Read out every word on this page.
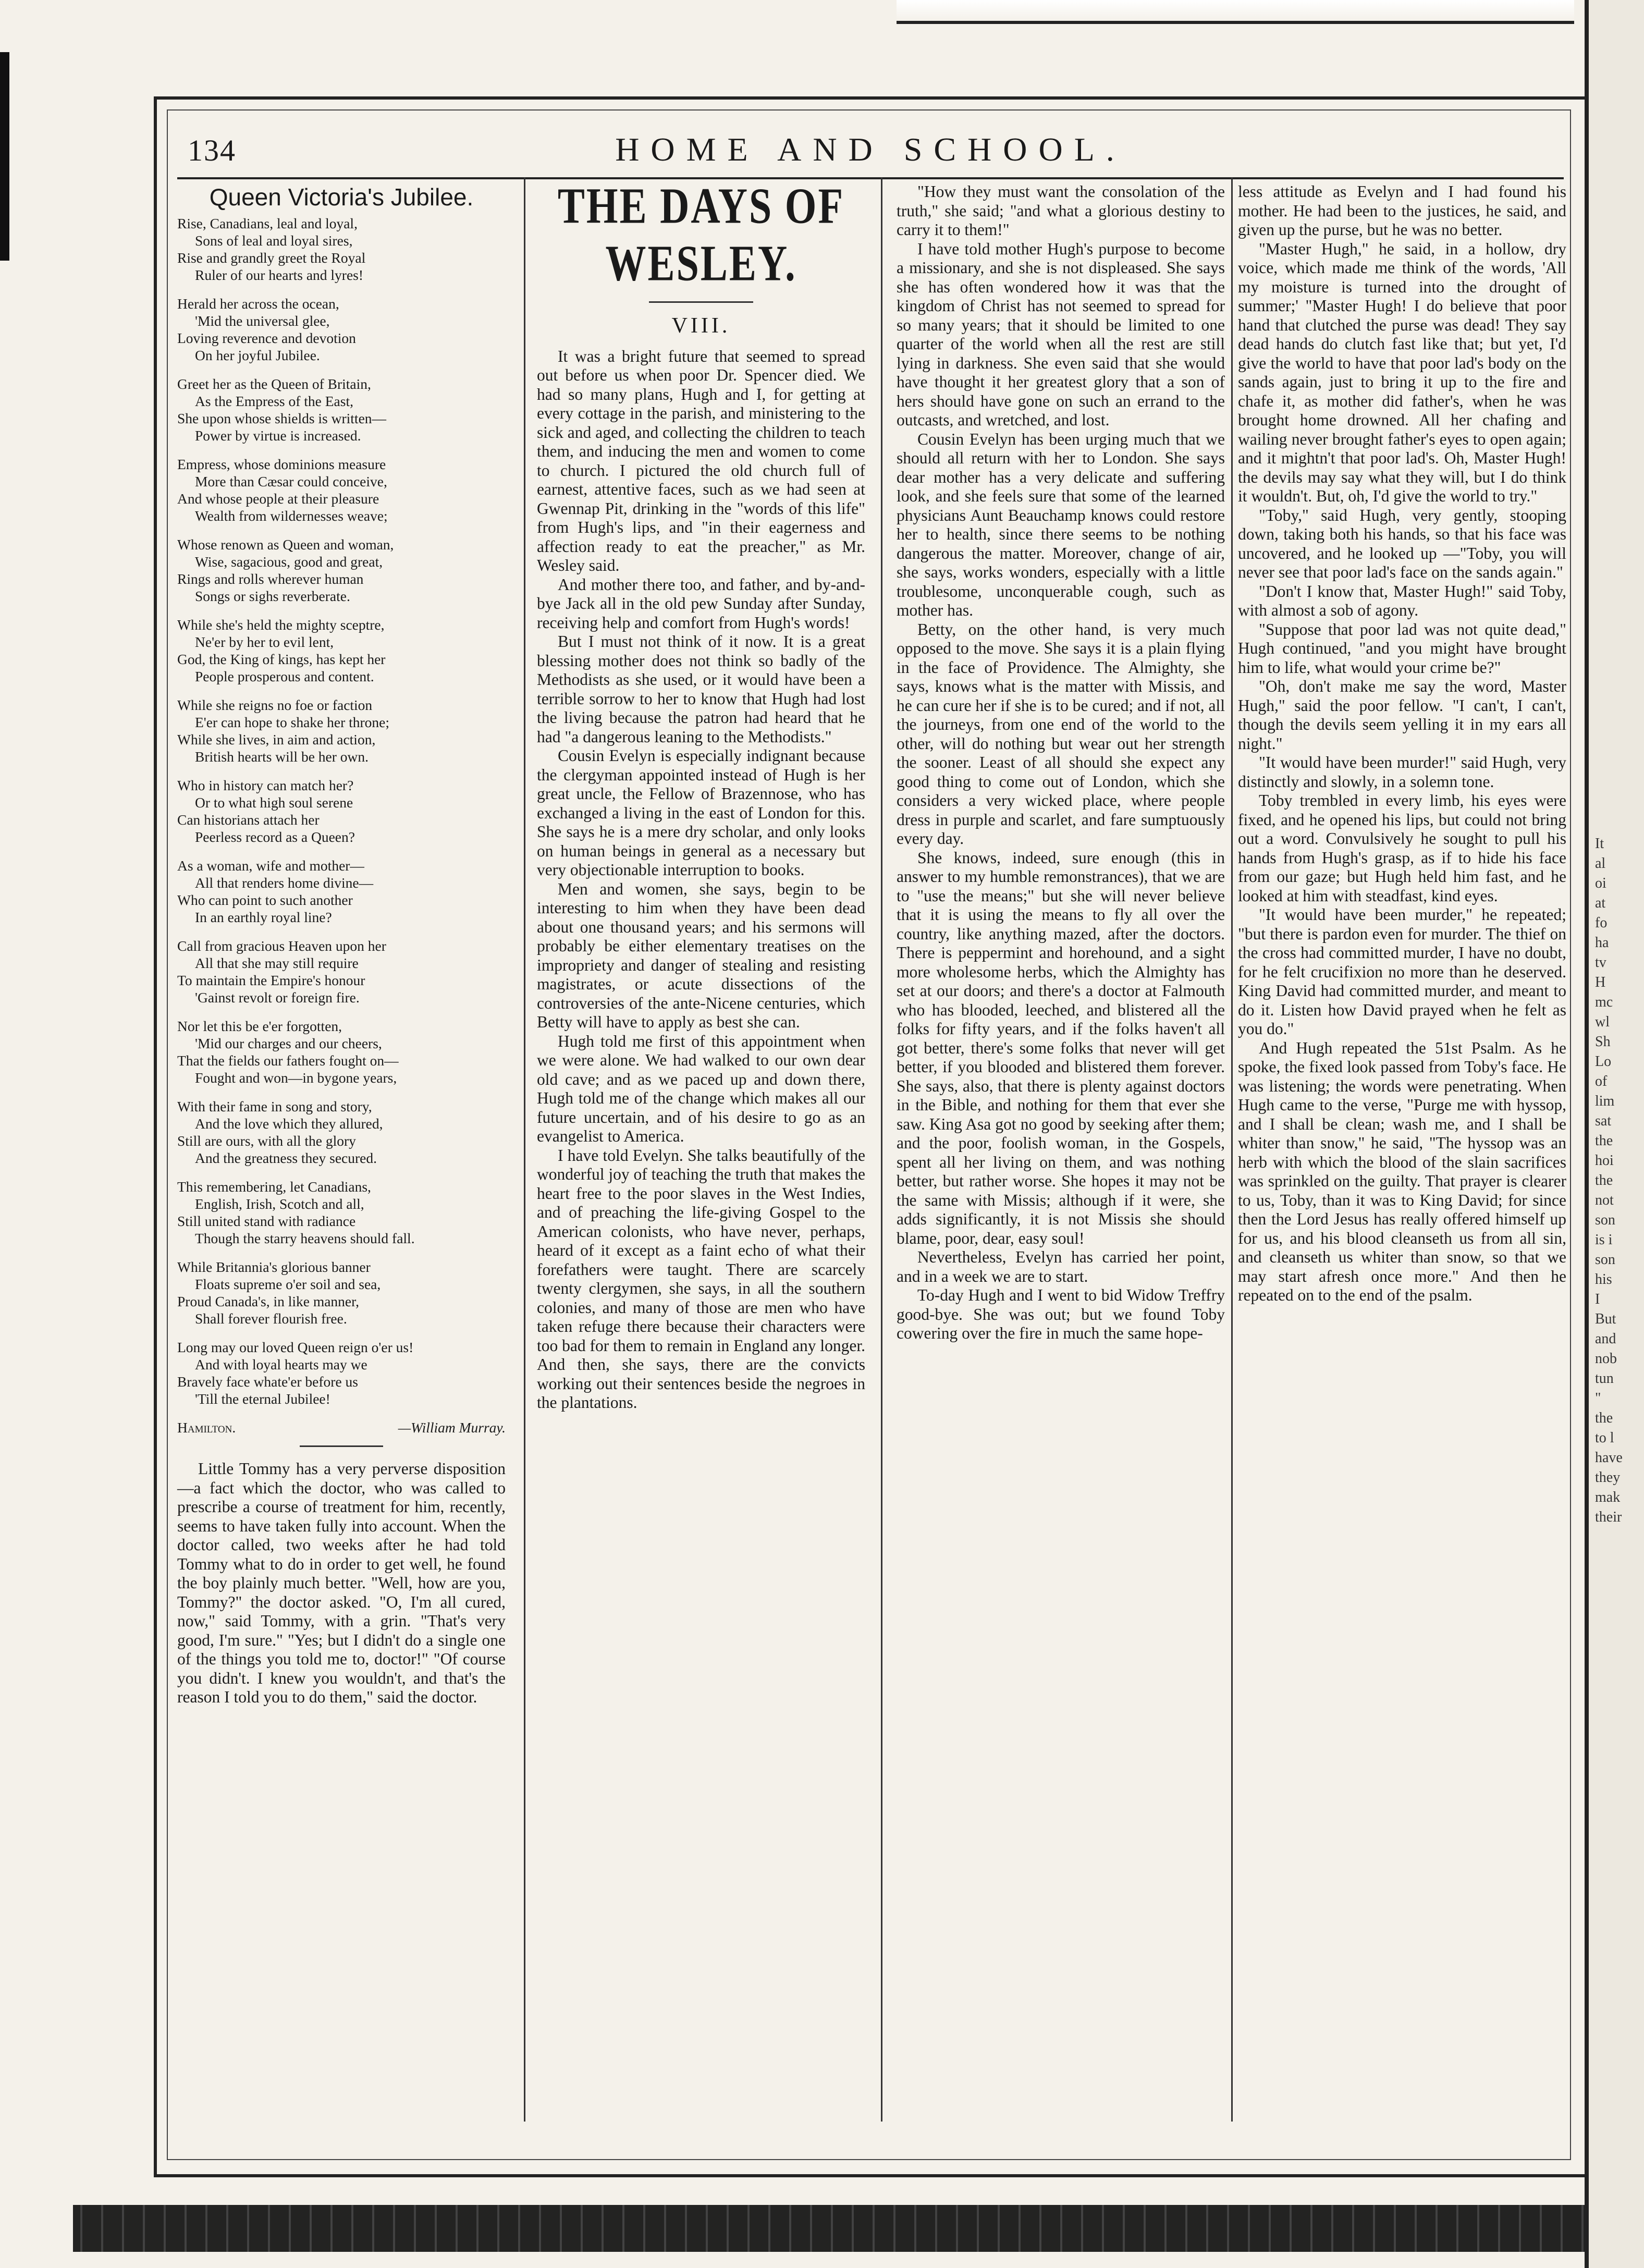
134	HOME AND SCHOOL.
Queen Victoria's Jubilee.
Rise, Canadians, leal and loyal,
Sons of leal and loyal sires,
Rise and grandly greet the Royal
Ruler of our hearts and lyres!
Herald her across the ocean,
'Mid the universal glee,
Loving reverence and devotion
On her joyful Jubilee.
Greet her as the Queen of Britain,
As the Empress of the East,
She upon whose shields is written—
Power by virtue is increased.
Empress, whose dominions measure
More than Cæsar could conceive,
And whose people at their pleasure
Wealth from wildernesses weave;
Whose renown as Queen and woman,
Wise, sagacious, good and great,
Rings and rolls wherever human
Songs or sighs reverberate.
While she's held the mighty sceptre,
Ne'er by her to evil lent,
God, the King of kings, has kept her
People prosperous and content.
While she reigns no foe or faction
E'er can hope to shake her throne;
While she lives, in aim and action,
British hearts will be her own.
Who in history can match her?
Or to what high soul serene
Can historians attach her
Peerless record as a Queen?
As a woman, wife and mother—
All that renders home divine—
Who can point to such another
In an earthly royal line?
Call from gracious Heaven upon her
All that she may still require
To maintain the Empire's honour
'Gainst revolt or foreign fire.
Nor let this be e'er forgotten,
'Mid our charges and our cheers,
That the fields our fathers fought on—
Fought and won—in bygone years,
With their fame in song and story,
And the love which they allured,
Still are ours, with all the glory
And the greatness they secured.
This remembering, let Canadians,
English, Irish, Scotch and all,
Still united stand with radiance
Though the starry heavens should fall.
While Britannia's glorious banner
Floats supreme o'er soil and sea,
Proud Canada's, in like manner,
Shall forever flourish free.
Long may our loved Queen reign o'er us!
And with loyal hearts may we
Bravely face whate'er before us
'Till the eternal Jubilee!
Hamilton.	—William Murray.

Little Tommy has a very perverse disposition—a fact which the doctor, who was called to prescribe a course of treatment for him, recently, seems to have taken fully into account. When the doctor called, two weeks after he had told Tommy what to do in order to get well, he found the boy plainly much better. "Well, how are you, Tommy?" the doctor asked. "O, I'm all cured, now," said Tommy, with a grin. "That's very good, I'm sure." "Yes; but I didn't do a single one of the things you told me to, doctor!" "Of course you didn't. I knew you wouldn't, and that's the reason I told you to do them," said the doctor.

THE DAYS OF WESLEY.
VIII.

It was a bright future that seemed to spread out before us when poor Dr. Spencer died. We had so many plans, Hugh and I, for getting at every cottage in the parish, and ministering to the sick and aged, and collecting the children to teach them, and inducing the men and women to come to church. I pictured the old church full of earnest, attentive faces, such as we had seen at Gwennap Pit, drinking in the "words of this life" from Hugh's lips, and "in their eagerness and affection ready to eat the preacher," as Mr. Wesley said.

And mother there too, and father, and by-and-bye Jack all in the old pew Sunday after Sunday, receiving help and comfort from Hugh's words!

But I must not think of it now. It is a great blessing mother does not think so badly of the Methodists as she used, or it would have been a terrible sorrow to her to know that Hugh had lost the living because the patron had heard that he had "a dangerous leaning to the Methodists."

Cousin Evelyn is especially indignant because the clergyman appointed instead of Hugh is her great uncle, the Fellow of Brazennose, who has exchanged a living in the east of London for this. She says he is a mere dry scholar, and only looks on human beings in general as a necessary but very objectionable interruption to books.

Men and women, she says, begin to be interesting to him when they have been dead about one thousand years; and his sermons will probably be either elementary treatises on the impropriety and danger of stealing and resisting magistrates, or acute dissections of the controversies of the ante-Nicene centuries, which Betty will have to apply as best she can.

Hugh told me first of this appointment when we were alone. We had walked to our own dear old cave; and as we paced up and down there, Hugh told me of the change which makes all our future uncertain, and of his desire to go as an evangelist to America.

I have told Evelyn. She talks beautifully of the wonderful joy of teaching the truth that makes the heart free to the poor slaves in the West Indies, and of preaching the life-giving Gospel to the American colonists, who have never, perhaps, heard of it except as a faint echo of what their forefathers were taught. There are scarcely twenty clergymen, she says, in all the southern colonies, and many of those are men who have taken refuge there because their characters were too bad for them to remain in England any longer. And then, she says, there are the convicts working out their sentences beside the negroes in the plantations.

"How they must want the consolation of the truth," she said; "and what a glorious destiny to carry it to them!"

I have told mother Hugh's purpose to become a missionary, and she is not displeased. She says she has often wondered how it was that the kingdom of Christ has not seemed to spread for so many years; that it should be limited to one quarter of the world when all the rest are still lying in darkness. She even said that she would have thought it her greatest glory that a son of hers should have gone on such an errand to the outcasts, and wretched, and lost.

Cousin Evelyn has been urging much that we should all return with her to London. She says dear mother has a very delicate and suffering look, and she feels sure that some of the learned physicians Aunt Beauchamp knows could restore her to health, since there seems to be nothing dangerous the matter. Moreover, change of air, she says, works wonders, especially with a little troublesome, unconquerable cough, such as mother has.

Betty, on the other hand, is very much opposed to the move. She says it is a plain flying in the face of Providence. The Almighty, she says, knows what is the matter with Missis, and he can cure her if she is to be cured; and if not, all the journeys, from one end of the world to the other, will do nothing but wear out her strength the sooner. Least of all should she expect any good thing to come out of London, which she considers a very wicked place, where people dress in purple and scarlet, and fare sumptuously every day.

She knows, indeed, sure enough (this in answer to my humble remonstrances), that we are to "use the means;" but she will never believe that it is using the means to fly all over the country, like anything mazed, after the doctors. There is peppermint and horehound, and a sight more wholesome herbs, which the Almighty has set at our doors; and there's a doctor at Falmouth who has blooded, leeched, and blistered all the folks for fifty years, and if the folks haven't all got better, there's some folks that never will get better, if you blooded and blistered them forever. She says, also, that there is plenty against doctors in the Bible, and nothing for them that ever she saw. King Asa got no good by seeking after them; and the poor, foolish woman, in the Gospels, spent all her living on them, and was nothing better, but rather worse. She hopes it may not be the same with Missis; although if it were, she adds significantly, it is not Missis she should blame, poor, dear, easy soul!

Nevertheless, Evelyn has carried her point, and in a week we are to start.

To-day Hugh and I went to bid Widow Treffry good-bye. She was out; but we found Toby cowering over the fire in much the same hope-

less attitude as Evelyn and I had found his mother. He had been to the justices, he said, and given up the purse, but he was no better.

"Master Hugh," he said, in a hollow, dry voice, which made me think of the words, 'All my moisture is turned into the drought of summer;' "Master Hugh! I do believe that poor hand that clutched the purse was dead! They say dead hands do clutch fast like that; but yet, I'd give the world to have that poor lad's body on the sands again, just to bring it up to the fire and chafe it, as mother did father's, when he was brought home drowned. All her chafing and wailing never brought father's eyes to open again; and it mightn't that poor lad's. Oh, Master Hugh! the devils may say what they will, but I do think it wouldn't. But, oh, I'd give the world to try."

"Toby," said Hugh, very gently, stooping down, taking both his hands, so that his face was uncovered, and he looked up —"Toby, you will never see that poor lad's face on the sands again."

"Don't I know that, Master Hugh!" said Toby, with almost a sob of agony.

"Suppose that poor lad was not quite dead," Hugh continued, "and you might have brought him to life, what would your crime be?"

"Oh, don't make me say the word, Master Hugh," said the poor fellow. "I can't, I can't, though the devils seem yelling it in my ears all night."

"It would have been murder!" said Hugh, very distinctly and slowly, in a solemn tone.

Toby trembled in every limb, his eyes were fixed, and he opened his lips, but could not bring out a word. Convulsively he sought to pull his hands from Hugh's grasp, as if to hide his face from our gaze; but Hugh held him fast, and he looked at him with steadfast, kind eyes.

"It would have been murder," he repeated; "but there is pardon even for murder. The thief on the cross had committed murder, I have no doubt, for he felt crucifixion no more than he deserved. King David had committed murder, and meant to do it. Listen how David prayed when he felt as you do."

And Hugh repeated the 51st Psalm. As he spoke, the fixed look passed from Toby's face. He was listening; the words were penetrating. When Hugh came to the verse, "Purge me with hyssop, and I shall be clean; wash me, and I shall be whiter than snow," he said, "The hyssop was an herb with which the blood of the slain sacrifices was sprinkled on the guilty. That prayer is clearer to us, Toby, than it was to King David; for since then the Lord Jesus has really offered himself up for us, and his blood cleanseth us from all sin, and cleanseth us whiter than snow, so that we may start afresh once more." And then he repeated on to the end of the psalm.

It
al
oi
at
fo
ha
tv
H
mc
wl
Sh
Lo
of
lim
sat
the
hoi
the
not
son
is i
son
his
I
But
and
nob
tun
"
the
to l
have
they
mak
their
